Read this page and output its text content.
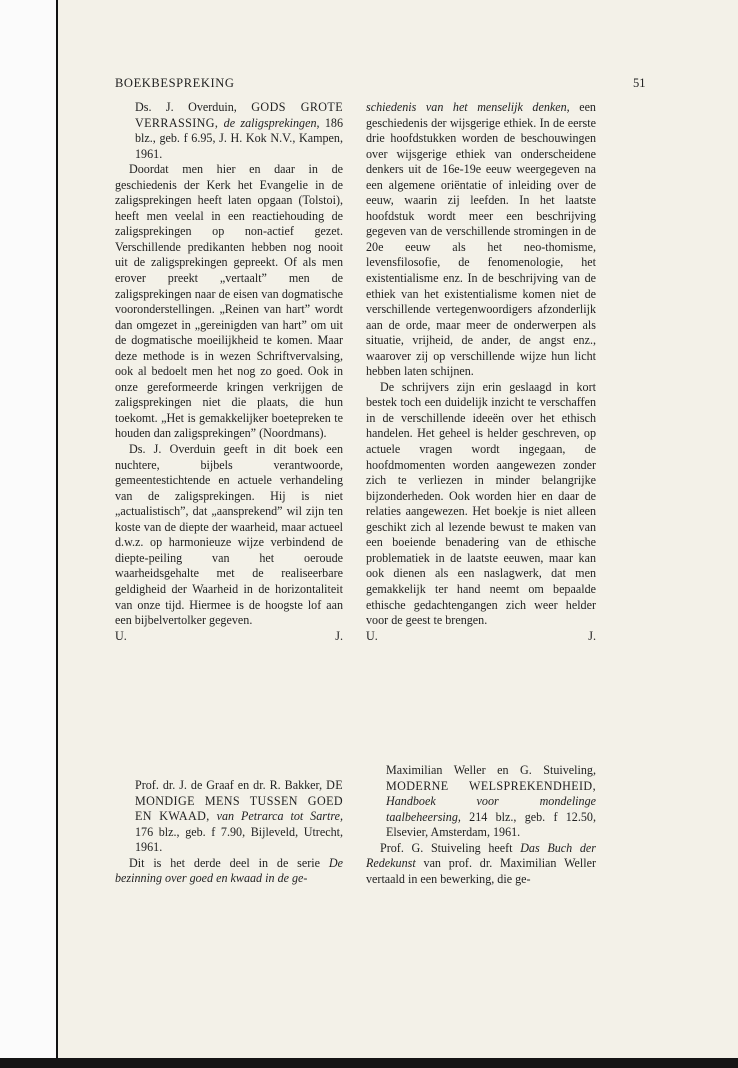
BOEKBESPREKING	51

Ds. J. Overduin, GODS GROTE VERRASSING, de zaligsprekingen, 186 blz., geb. f 6.95, J. H. Kok N.V., Kampen, 1961.

Doordat men hier en daar in de geschiedenis der Kerk het Evangelie in de zaligsprekingen heeft laten opgaan (Tolstoi), heeft men veelal in een reactiehouding de zaligsprekingen op non-actief gezet. Verschillende predikanten hebben nog nooit uit de zaligsprekingen gepreekt. Of als men erover preekt „vertaalt” men de zaligsprekingen naar de eisen van dogmatische vooronderstellingen. „Reinen van hart” wordt dan omgezet in „gereinigden van hart” om uit de dogmatische moeilijkheid te komen. Maar deze methode is in wezen Schriftvervalsing, ook al bedoelt men het nog zo goed. Ook in onze gereformeerde kringen verkrijgen de zaligsprekingen niet die plaats, die hun toekomt. „Het is gemakkelijker boetepreken te houden dan zaligsprekingen” (Noordmans).

Ds. J. Overduin geeft in dit boek een nuchtere, bijbels verantwoorde, gemeentestichtende en actuele verhandeling van de zaligsprekingen. Hij is niet „actualistisch”, dat „aansprekend” wil zijn ten koste van de diepte der waarheid, maar actueel d.w.z. op harmonieuze wijze verbindend de diepte-peiling van het oeroude waarheidsgehalte met de realiseerbare geldigheid der Waarheid in de horizontaliteit van onze tijd. Hiermee is de hoogste lof aan een bijbelvertolker gegeven.

U.	J.

schiedenis van het menselijk denken, een geschiedenis der wijsgerige ethiek. In de eerste drie hoofdstukken worden de beschouwingen over wijsgerige ethiek van onderscheidene denkers uit de 16e-19e eeuw weergegeven na een algemene oriëntatie of inleiding over de eeuw, waarin zij leefden. In het laatste hoofdstuk wordt meer een beschrijving gegeven van de verschillende stromingen in de 20e eeuw als het neo-thomisme, levensfilosofie, de fenomenologie, het existentialisme enz. In de beschrijving van de ethiek van het existentialisme komen niet de verschillende vertegenwoordigers afzonderlijk aan de orde, maar meer de onderwerpen als situatie, vrijheid, de ander, de angst enz., waarover zij op verschillende wijze hun licht hebben laten schijnen.

De schrijvers zijn erin geslaagd in kort bestek toch een duidelijk inzicht te verschaffen in de verschillende ideeën over het ethisch handelen. Het geheel is helder geschreven, op actuele vragen wordt ingegaan, de hoofdmomenten worden aangewezen zonder zich te verliezen in minder belangrijke bijzonderheden. Ook worden hier en daar de relaties aangewezen. Het boekje is niet alleen geschikt zich al lezende bewust te maken van een boeiende benadering van de ethische problematiek in de laatste eeuwen, maar kan ook dienen als een naslagwerk, dat men gemakkelijk ter hand neemt om bepaalde ethische gedachtengangen zich weer helder voor de geest te brengen.

U.	J.

Prof. dr. J. de Graaf en dr. R. Bakker, DE MONDIGE MENS TUSSEN GOED EN KWAAD, van Petrarca tot Sartre, 176 blz., geb. f 7.90, Bijleveld, Utrecht, 1961.

Dit is het derde deel in de serie De bezinning over goed en kwaad in de ge-

Maximilian Weller en G. Stuiveling, MODERNE WELSPREKENDHEID, Handboek voor mondelinge taalbeheersing, 214 blz., geb. f 12.50, Elsevier, Amsterdam, 1961.

Prof. G. Stuiveling heeft Das Buch der Redekunst van prof. dr. Maximilian Weller vertaald in een bewerking, die ge-
